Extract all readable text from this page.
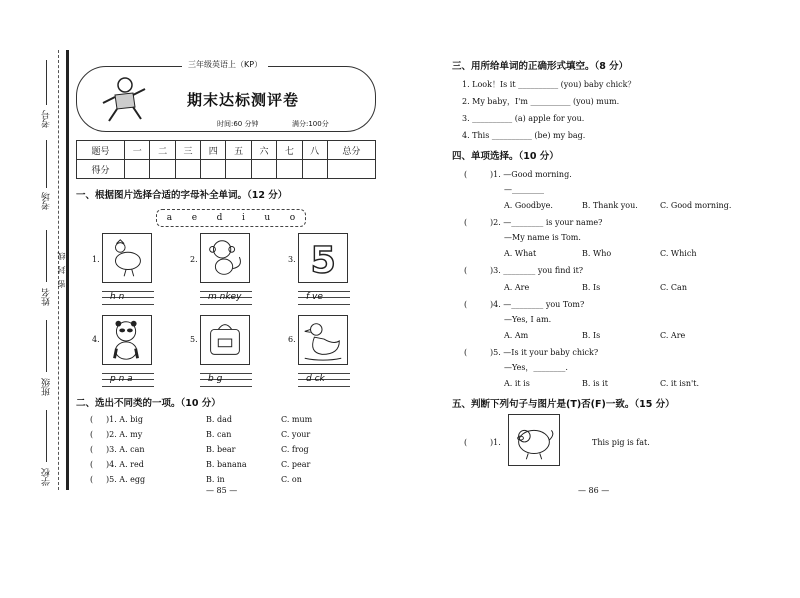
考号
考场
姓名
班级
学校
密
封
线
三年级英语上（KP）
期末达标测评卷
时间:60 分钟	满分:100分
题号	一	二	三	四	五	六	七	八	总分
得分									
一、根据图片选择合适的字母补全单词。（12 分）
a e d i u o
1.	2.	3. 5
h n	m nkey	f ve
4.	5.	6.
p n a	b g	d ck
二、选出不同类的一项。（10 分）
(	)1. A. big	B. dad	C. mum
(	)2. A. my	B. can	C. your
(	)3. A. can	B. bear	C. frog
(	)4. A. red	B. banana	C. pear
(	)5. A. egg	B. in	C. on
— 85 —
三、用所给单词的正确形式填空。（8 分）
1. Look！Is it __________ (you) baby chick？
2. My baby，I'm __________ (you) mum.
3. __________ (a) apple for you.
4. This __________ (be) my bag.
四、单项选择。（10 分）
(	)1. —Good morning.
—________
A. Goodbye.	B. Thank you.	C. Good morning.
(	)2. —________ is your name?
—My name is Tom.
A. What	B. Who	C. Which
(	)3. ________ you find it?
A. Are	B. Is	C. Can
(	)4. —________ you Tom?
—Yes, I am.
A. Am	B. Is	C. Are
(	)5. —Is it your baby chick?
—Yes，________.
A. it is	B. is it	C. it isn't.
五、判断下列句子与图片是(T)否(F)一致。（15 分）
(	)1.	This pig is fat.
— 86 —
